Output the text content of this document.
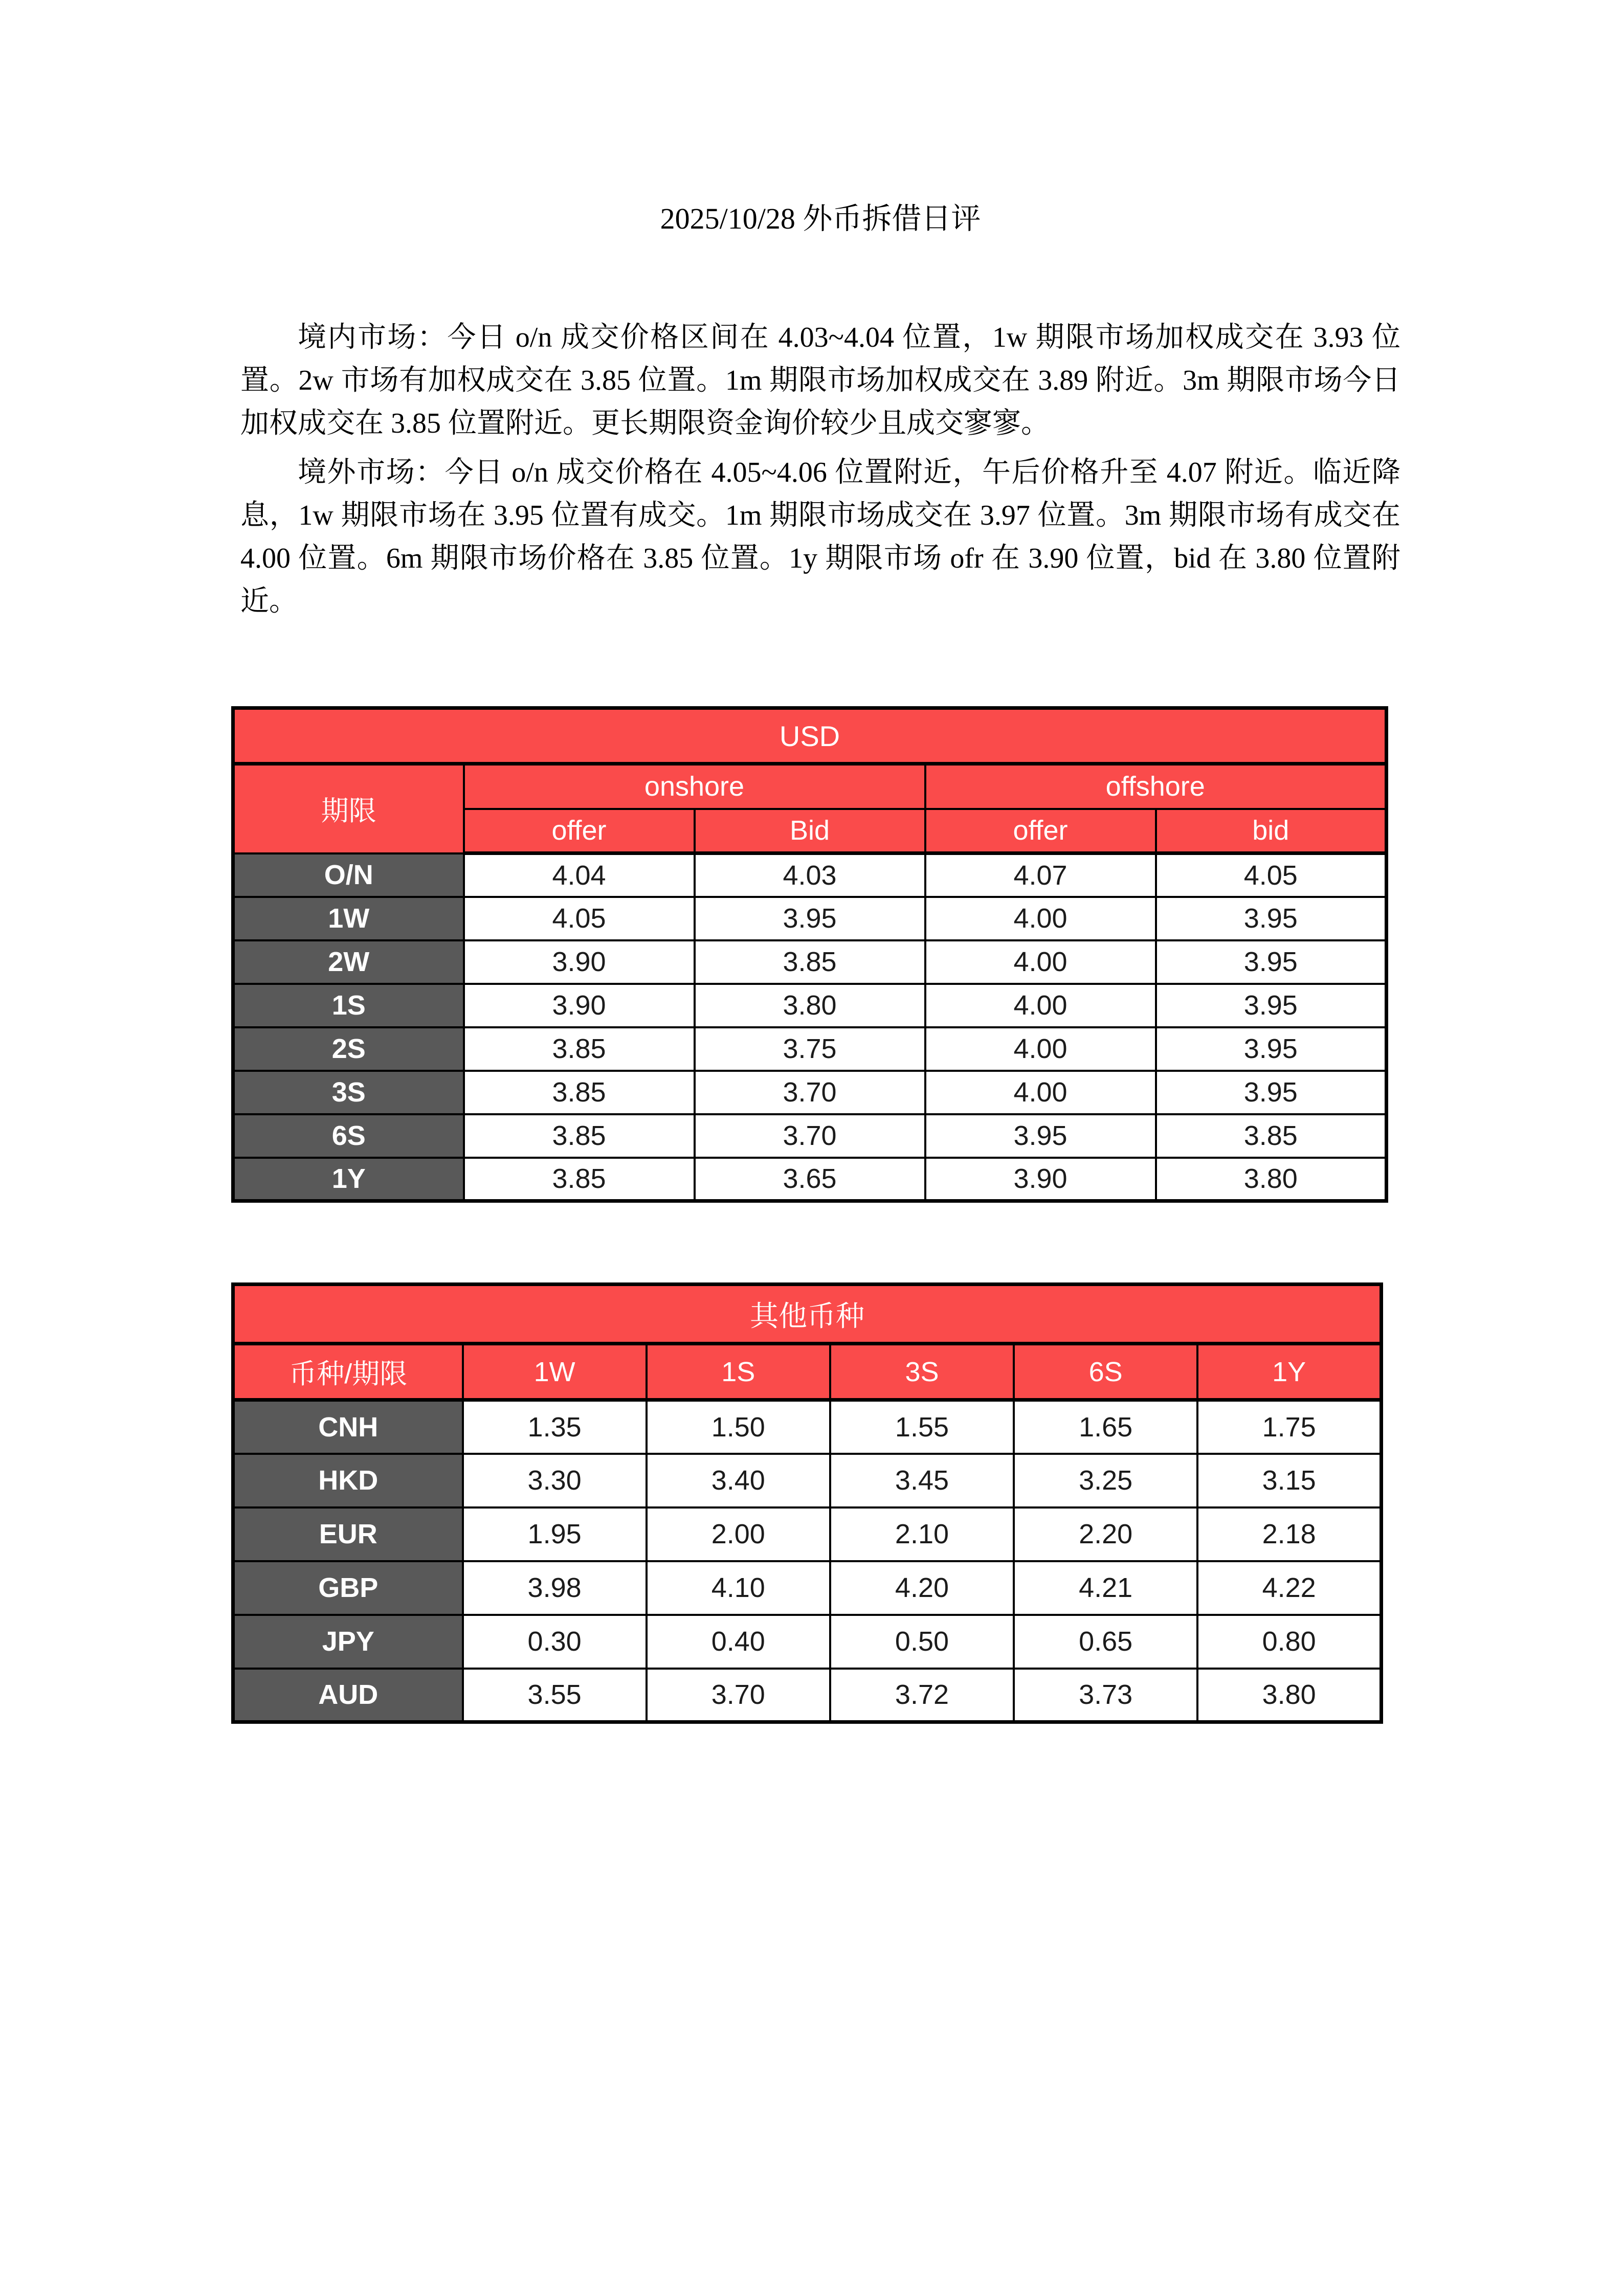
2025/10/28 外币拆借日评
境内市场：今日 o/n 成交价格区间在 4.03~4.04 位置，1w 期限市场加权成交在 3.93 位置。2w 市场有加权成交在 3.85 位置。1m 期限市场加权成交在 3.89 附近。3m 期限市场今日加权成交在 3.85 位置附近。更长期限资金询价较少且成交寥寥。
境外市场：今日 o/n 成交价格在 4.05~4.06 位置附近，午后价格升至 4.07 附近。临近降息，1w 期限市场在 3.95 位置有成交。1m 期限市场成交在 3.97 位置。3m 期限市场有成交在 4.00 位置。6m 期限市场价格在 3.85 位置。1y 期限市场 ofr 在 3.90 位置，bid 在 3.80 位置附近。
USD				
期限	onshore		offshore	
	offer	Bid	offer	bid
O/N	4.04	4.03	4.07	4.05
1W	4.05	3.95	4.00	3.95
2W	3.90	3.85	4.00	3.95
1S	3.90	3.80	4.00	3.95
2S	3.85	3.75	4.00	3.95
3S	3.85	3.70	4.00	3.95
6S	3.85	3.70	3.95	3.85
1Y	3.85	3.65	3.90	3.80
其他币种					
币种/期限	1W	1S	3S	6S	1Y
CNH	1.35	1.50	1.55	1.65	1.75
HKD	3.30	3.40	3.45	3.25	3.15
EUR	1.95	2.00	2.10	2.20	2.18
GBP	3.98	4.10	4.20	4.21	4.22
JPY	0.30	0.40	0.50	0.65	0.80
AUD	3.55	3.70	3.72	3.73	3.80
